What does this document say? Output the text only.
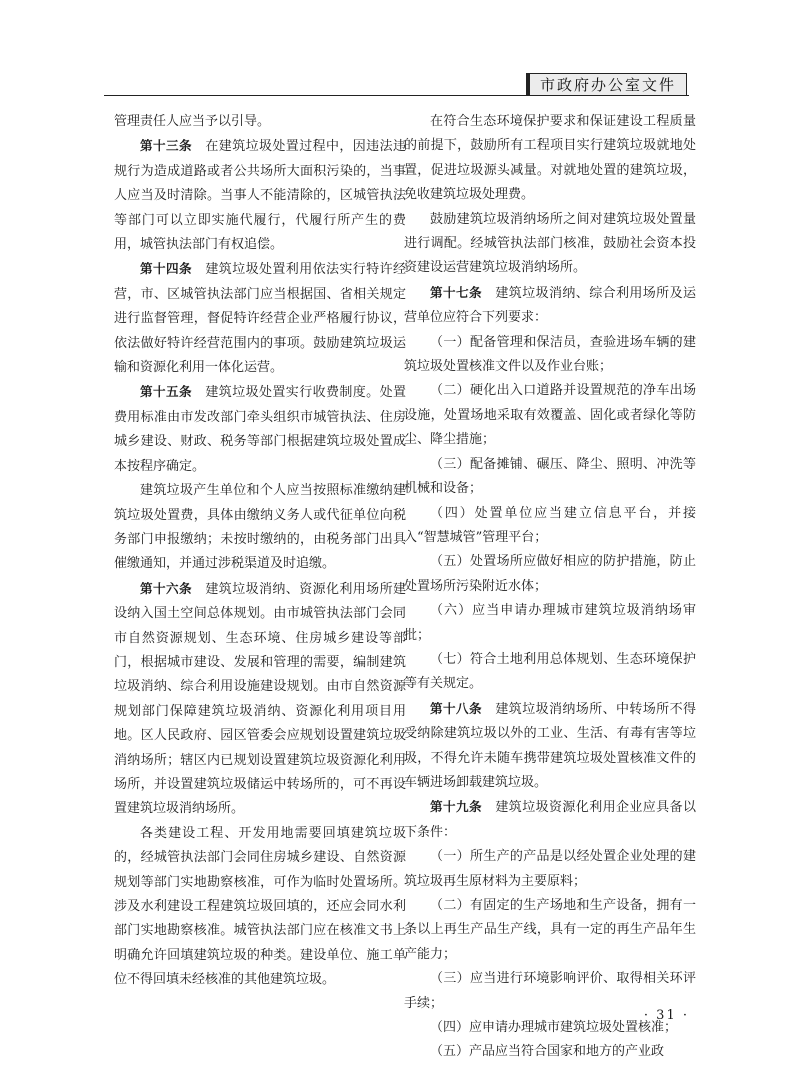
市政府办公室文件

管理责任人应当予以引导。

第十三条　 在建筑垃圾处置过程中，因违法违规行为造成道路或者公共场所大面积污染的，当事人应当及时清除。当事人不能清除的，区城管执法等部门可以立即实施代履行，代履行所产生的费用，城管执法部门有权追偿。

第十四条　 建筑垃圾处置利用依法实行特许经营，市、区城管执法部门应当根据国、省相关规定进行监督管理，督促特许经营企业严格履行协议，依法做好特许经营范围内的事项。鼓励建筑垃圾运输和资源化利用一体化运营。

第十五条　 建筑垃圾处置实行收费制度。处置费用标准由市发改部门牵头组织市城管执法、住房城乡建设、财政、税务等部门根据建筑垃圾处置成本按程序确定。

建筑垃圾产生单位和个人应当按照标准缴纳建筑垃圾处置费，具体由缴纳义务人或代征单位向税务部门申报缴纳；未按时缴纳的，由税务部门出具催缴通知，并通过涉税渠道及时追缴。

第十六条　 建筑垃圾消纳、资源化利用场所建设纳入国土空间总体规划。由市城管执法部门会同市自然资源规划、生态环境、住房城乡建设等部门，根据城市建设、发展和管理的需要，编制建筑垃圾消纳、综合利用设施建设规划。由市自然资源规划部门保障建筑垃圾消纳、资源化利用项目用地。区人民政府、园区管委会应规划设置建筑垃圾消纳场所；辖区内已规划设置建筑垃圾资源化利用场所，并设置建筑垃圾储运中转场所的，可不再设置建筑垃圾消纳场所。

各类建设工程、开发用地需要回填建筑垃圾的，经城管执法部门会同住房城乡建设、自然资源规划等部门实地勘察核准，可作为临时处置场所。涉及水利建设工程建筑垃圾回填的，还应会同水利部门实地勘察核准。城管执法部门应在核准文书上明确允许回填建筑垃圾的种类。建设单位、施工单位不得回填未经核准的其他建筑垃圾。

在符合生态环境保护要求和保证建设工程质量的前提下，鼓励所有工程项目实行建筑垃圾就地处置，促进垃圾源头减量。对就地处置的建筑垃圾，免收建筑垃圾处理费。

鼓励建筑垃圾消纳场所之间对建筑垃圾处置量进行调配。经城管执法部门核准，鼓励社会资本投资建设运营建筑垃圾消纳场所。

第十七条　 建筑垃圾消纳、综合利用场所及运营单位应符合下列要求：

（一）配备管理和保洁员，查验进场车辆的建筑垃圾处置核准文件以及作业台账；

（二）硬化出入口道路并设置规范的净车出场设施，处置场地采取有效覆盖、固化或者绿化等防尘、降尘措施；

（三）配备摊铺、碾压、降尘、照明、冲洗等机械和设备；

（四）处置单位应当建立信息平台，并接入“智慧城管”管理平台；

（五）处置场所应做好相应的防护措施，防止处置场所污染附近水体；

（六）应当申请办理城市建筑垃圾消纳场审批；

（七）符合土地利用总体规划、生态环境保护等有关规定。

第十八条　 建筑垃圾消纳场所、中转场所不得受纳除建筑垃圾以外的工业、生活、有毒有害等垃圾，不得允许未随车携带建筑垃圾处置核准文件的车辆进场卸载建筑垃圾。

第十九条　 建筑垃圾资源化利用企业应具备以下条件：

（一）所生产的产品是以经处置企业处理的建筑垃圾再生原材料为主要原料；

（二）有固定的生产场地和生产设备，拥有一条以上再生产品生产线，具有一定的再生产品年生产能力；

（三）应当进行环境影响评价、取得相关环评手续；

（四）应申请办理城市建筑垃圾处置核准；

（五）产品应当符合国家和地方的产业政

· 31 ·
